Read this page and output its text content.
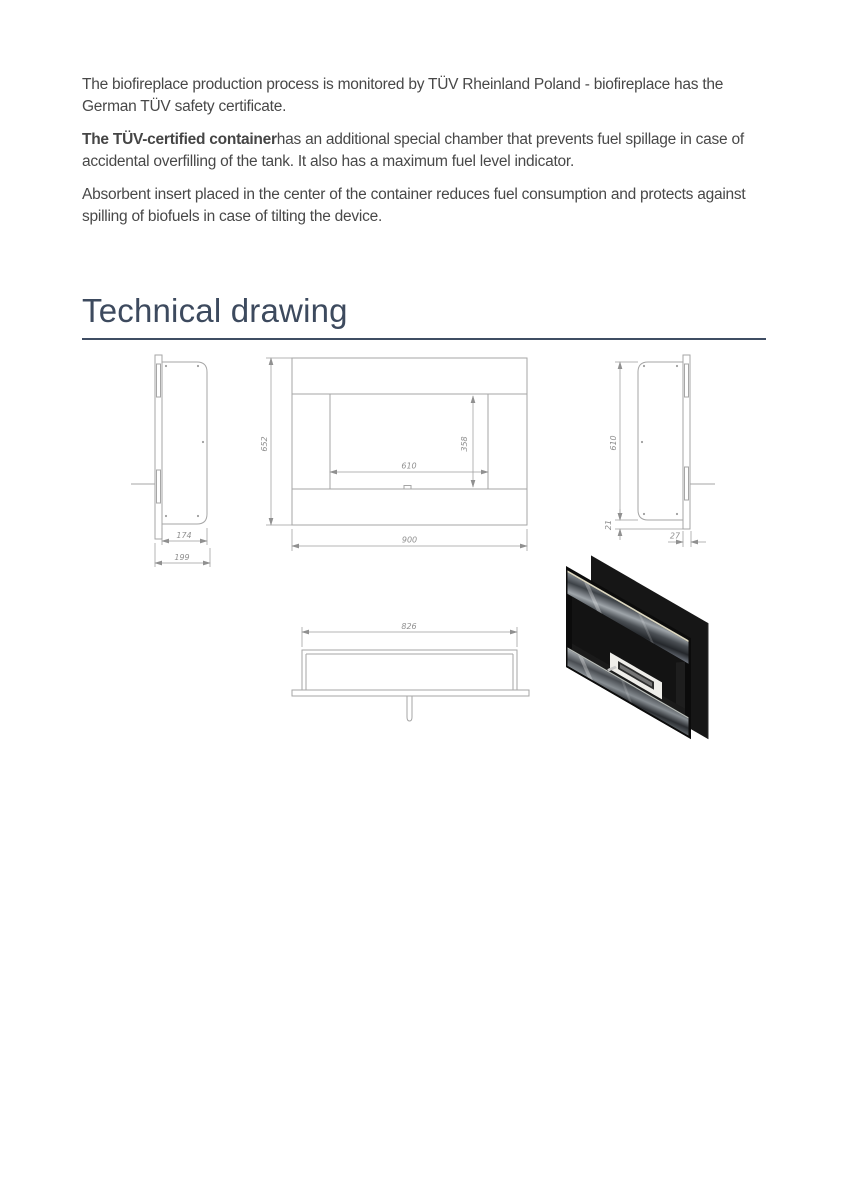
The biofireplace production process is monitored by TÜV Rheinland Poland - biofireplace has the German TÜV safety certificate.

The TÜV-certified containerhas an additional special chamber that prevents fuel spillage in case of accidental overfilling of the tank. It also has a maximum fuel level indicator.

Absorbent insert placed in the center of the container reduces fuel consumption and protects against spilling of biofuels in case of tilting the device.

Technical drawing
174
199
652	358
610
900
610
21
27
826
